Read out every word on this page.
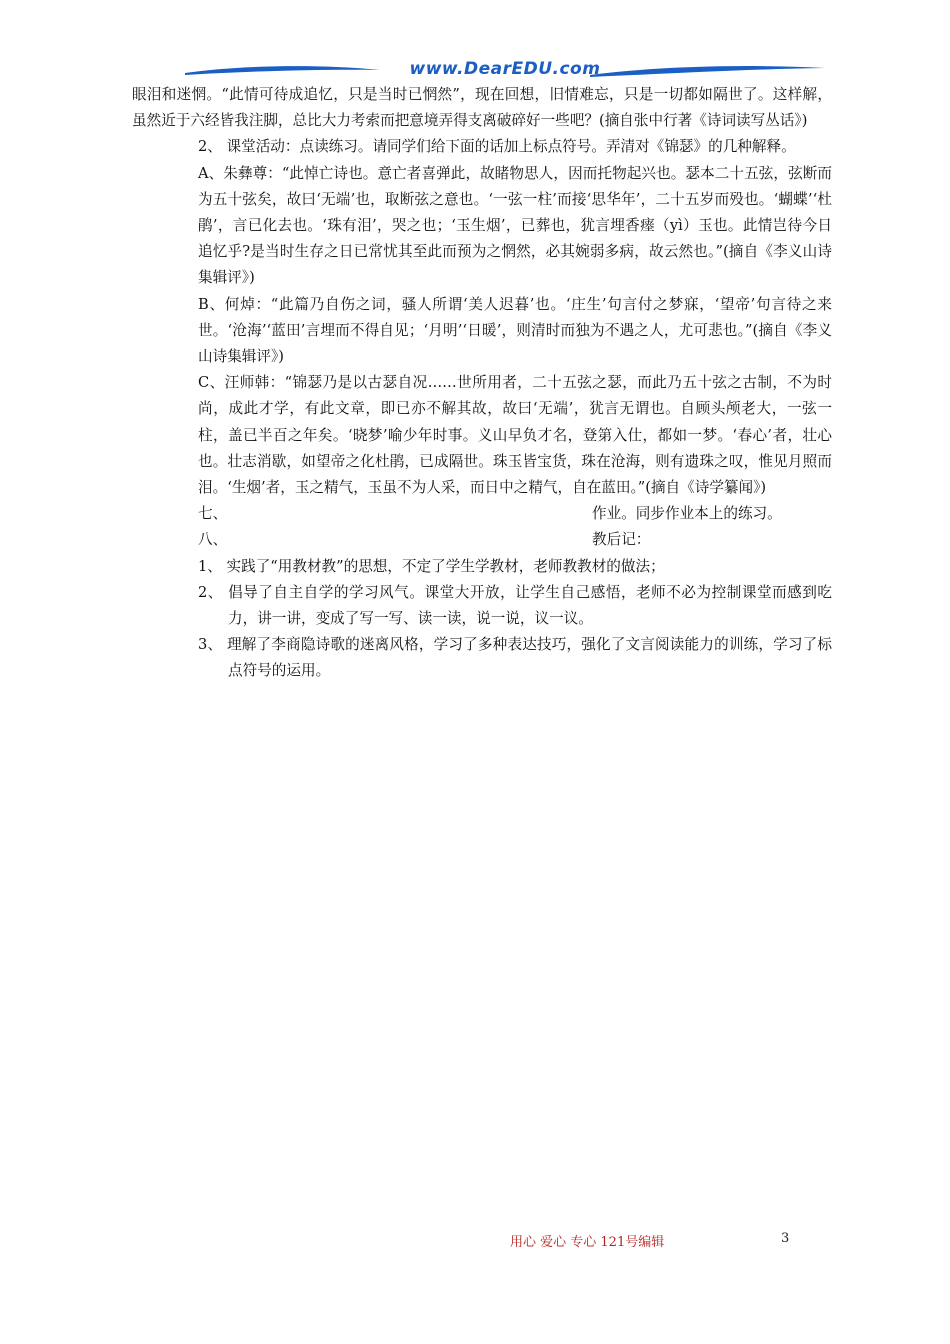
www.DearEDU.com

眼泪和迷惘。“此情可待成追忆，只是当时已惘然”，现在回想，旧情难忘，只是一切都如隔世了。这样解，虽然近于六经皆我注脚，总比大力考索而把意境弄得支离破碎好一些吧？(摘自张中行著《诗词读写丛话》)

2、 课堂活动：点读练习。请同学们给下面的话加上标点符号。弄清对《锦瑟》的几种解释。

A、朱彝尊：“此悼亡诗也。意亡者喜弹此，故睹物思人，因而托物起兴也。瑟本二十五弦，弦断而为五十弦矣，故曰‘无端’也，取断弦之意也。‘一弦一柱’而接‘思华年’，二十五岁而殁也。‘蝴蝶’‘杜鹃’，言已化去也。‘珠有泪’，哭之也；‘玉生烟’，已葬也，犹言埋香瘗（yì）玉也。此情岂待今日追忆乎?是当时生存之日已常忧其至此而预为之惘然，必其婉弱多病，故云然也。”(摘自《李义山诗集辑评》)

B、何焯：“此篇乃自伤之词，骚人所谓‘美人迟暮’也。‘庄生’句言付之梦寐，‘望帝’句言待之来世。‘沧海’‘蓝田’言埋而不得自见；‘月明’‘日暖’，则清时而独为不遇之人，尤可悲也。”(摘自《李义山诗集辑评》)

C、汪师韩：“锦瑟乃是以古瑟自况……世所用者，二十五弦之瑟，而此乃五十弦之古制，不为时尚，成此才学，有此文章，即已亦不解其故，故曰‘无端’，犹言无谓也。自顾头颅老大，一弦一柱，盖已半百之年矣。‘晓梦’喻少年时事。义山早负才名，登第入仕，都如一梦。‘春心’者，壮心也。壮志消歇，如望帝之化杜鹃，已成隔世。珠玉皆宝货，珠在沧海，则有遗珠之叹，惟见月照而泪。‘生烟’者，玉之精气，玉虽不为人采，而日中之精气，自在蓝田。”(摘自《诗学纂闻》)

七、	作业。同步作业本上的练习。
八、	教后记：

1、 实践了“用教材教”的思想，不定了学生学教材，老师教教材的做法；

2、 倡导了自主自学的学习风气。课堂大开放，让学生自己感悟，老师不必为控制课堂而感到吃力，讲一讲，变成了写一写、读一读，说一说，议一议。

3、 理解了李商隐诗歌的迷离风格，学习了多种表达技巧，强化了文言阅读能力的训练，学习了标点符号的运用。

用心 爱心 专心 121号编辑	3
